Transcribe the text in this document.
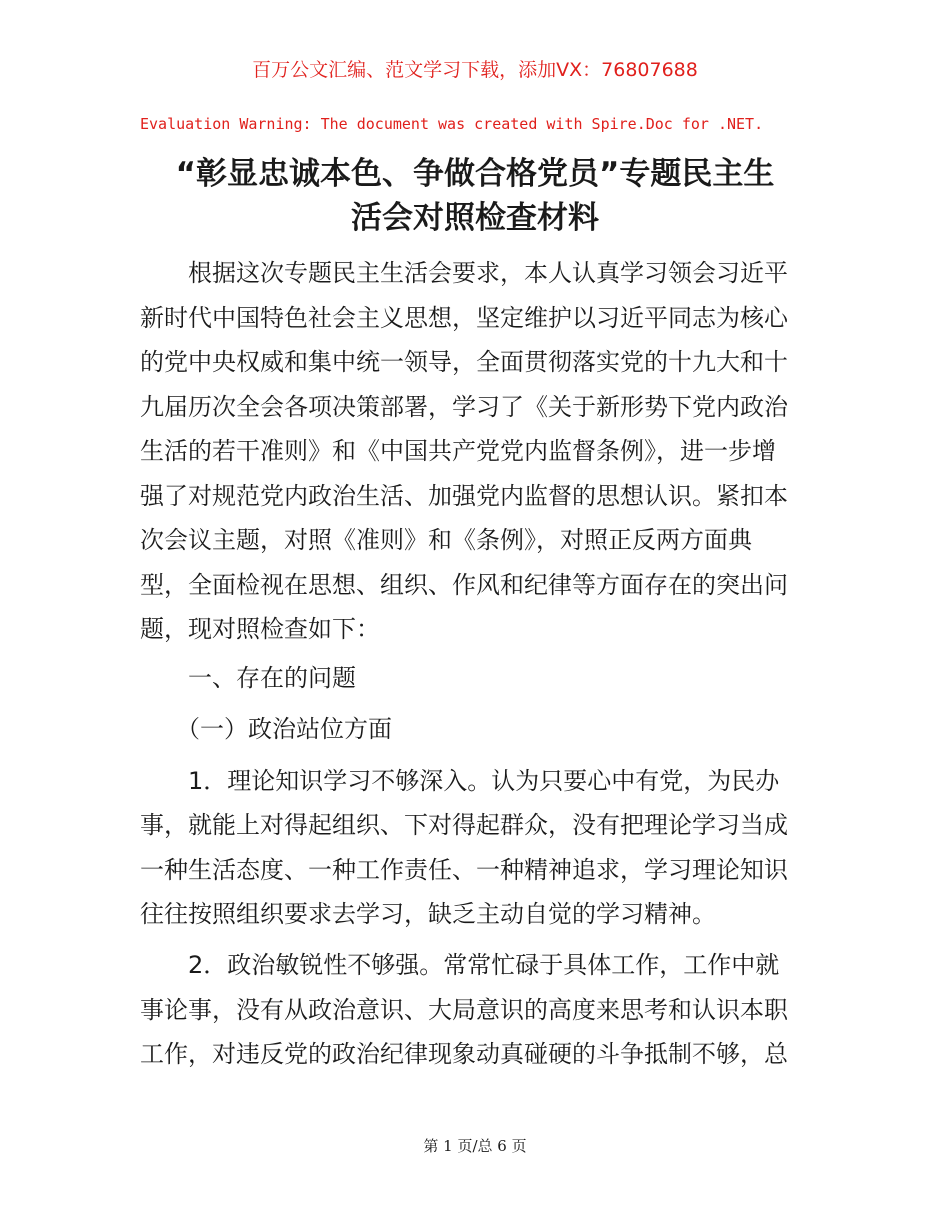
百万公文汇编、范文学习下载，添加VX：76807688
Evaluation Warning: The document was created with Spire.Doc for .NET.
“彰显忠诚本色、争做合格党员”专题民主生
活会对照检查材料
　　根据这次专题民主生活会要求，本人认真学习领会习近平
新时代中国特色社会主义思想，坚定维护以习近平同志为核心
的党中央权威和集中统一领导，全面贯彻落实党的十九大和十
九届历次全会各项决策部署，学习了《关于新形势下党内政治
生活的若干准则》和《中国共产党党内监督条例》，进一步增
强了对规范党内政治生活、加强党内监督的思想认识。紧扣本
次会议主题，对照《准则》和《条例》，对照正反两方面典
型，全面检视在思想、组织、作风和纪律等方面存在的突出问
题，现对照检查如下：
　　一、存在的问题
　　（一）政治站位方面
　　1．理论知识学习不够深入。认为只要心中有党，为民办
事，就能上对得起组织、下对得起群众，没有把理论学习当成
一种生活态度、一种工作责任、一种精神追求，学习理论知识
往往按照组织要求去学习，缺乏主动自觉的学习精神。
　　2．政治敏锐性不够强。常常忙碌于具体工作，工作中就
事论事，没有从政治意识、大局意识的高度来思考和认识本职
工作，对违反党的政治纪律现象动真碰硬的斗争抵制不够，总
第 1 页/总 6 页
